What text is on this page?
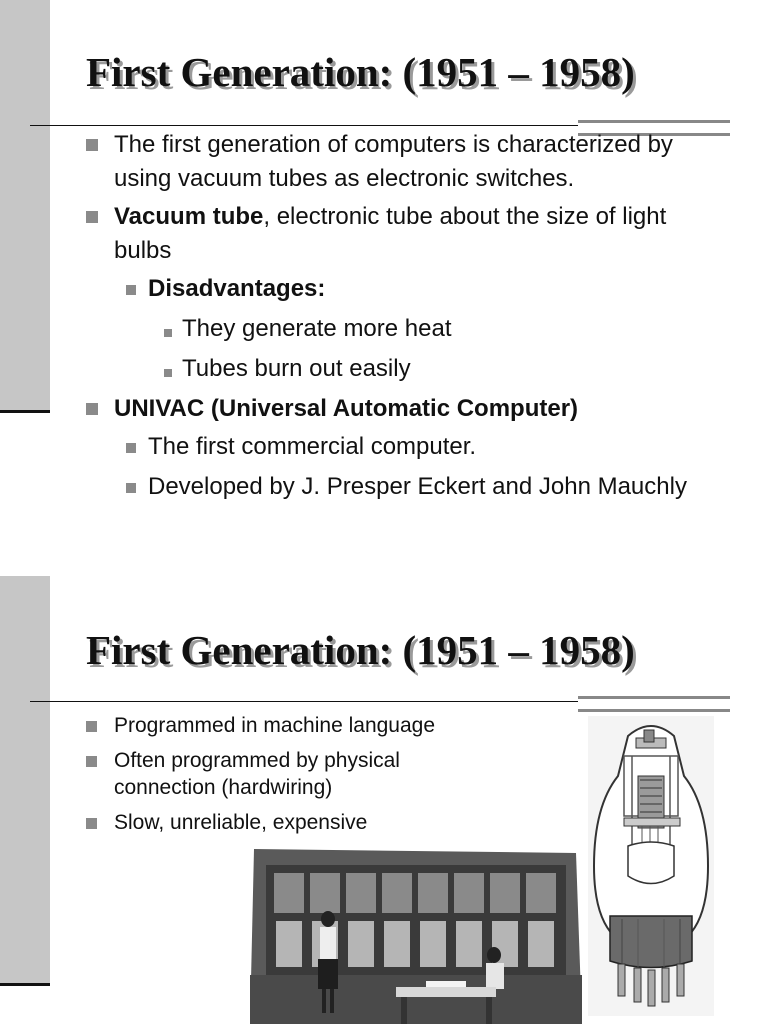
First Generation: (1951 – 1958)
The first generation of computers is characterized by using vacuum tubes as electronic switches.
Vacuum tube, electronic tube about the size of light bulbs
Disadvantages:
They generate more heat
Tubes burn out easily
UNIVAC (Universal Automatic Computer)
The first commercial computer.
Developed by J. Presper Eckert and John Mauchly
First Generation: (1951 – 1958)
Programmed in machine language
Often programmed by physical connection (hardwiring)
Slow, unreliable, expensive
